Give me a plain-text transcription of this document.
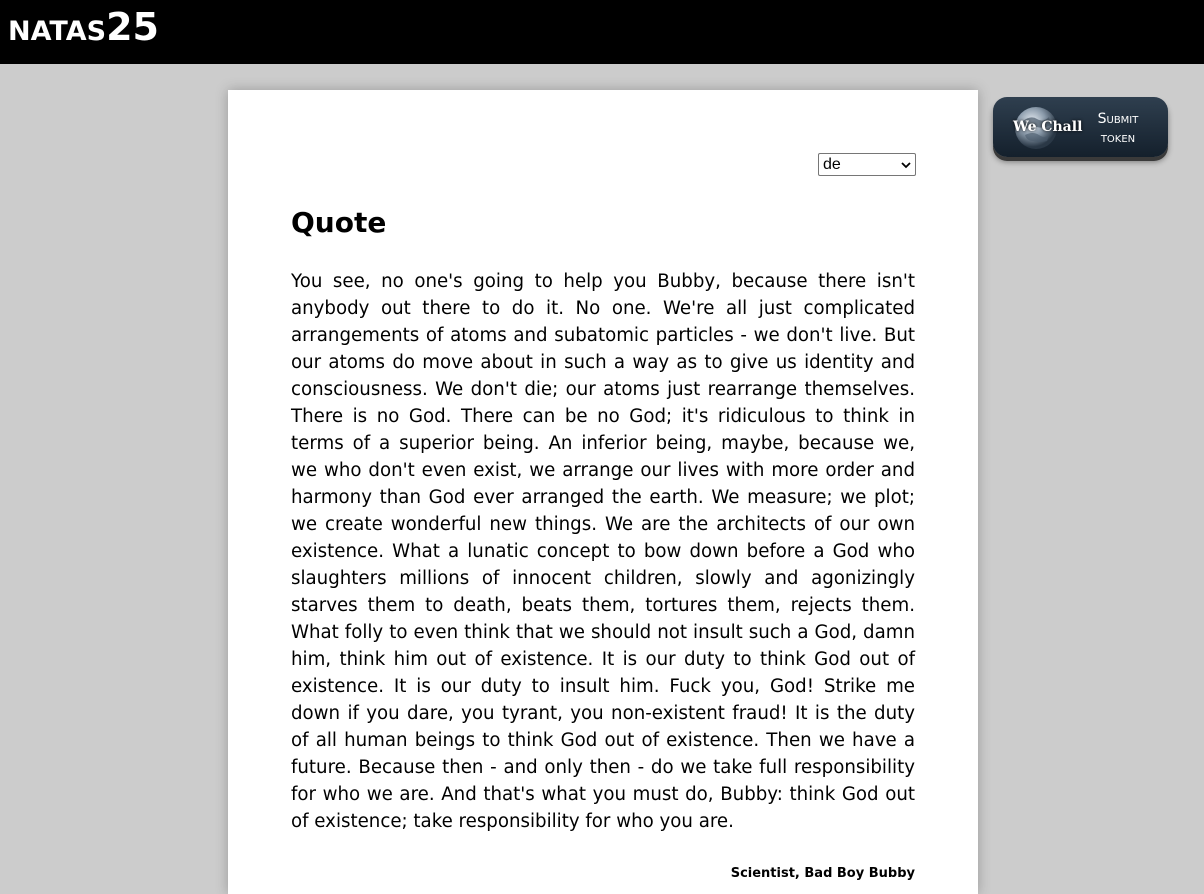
NATAS25
de
Quote

You see, no one's going to help you Bubby, because there isn't anybody out there to do it. No one. We're all just complicated arrangements of atoms and subatomic particles - we don't live. But our atoms do move about in such a way as to give us identity and consciousness. We don't die; our atoms just rearrange themselves. There is no God. There can be no God; it's ridiculous to think in terms of a superior being. An inferior being, maybe, because we, we who don't even exist, we arrange our lives with more order and harmony than God ever arranged the earth. We measure; we plot; we create wonderful new things. We are the architects of our own existence. What a lunatic concept to bow down before a God who slaughters millions of innocent children, slowly and agonizingly starves them to death, beats them, tortures them, rejects them. What folly to even think that we should not insult such a God, damn him, think him out of existence. It is our duty to think God out of existence. It is our duty to insult him. Fuck you, God! Strike me down if you dare, you tyrant, you non-existent fraud! It is the duty of all human beings to think God out of existence. Then we have a future. Because then - and only then - do we take full responsibility for who we are. And that's what you must do, Bubby: think God out of existence; take responsibility for who you are.

Scientist, Bad Boy Bubby
We Chall	Submit
token
